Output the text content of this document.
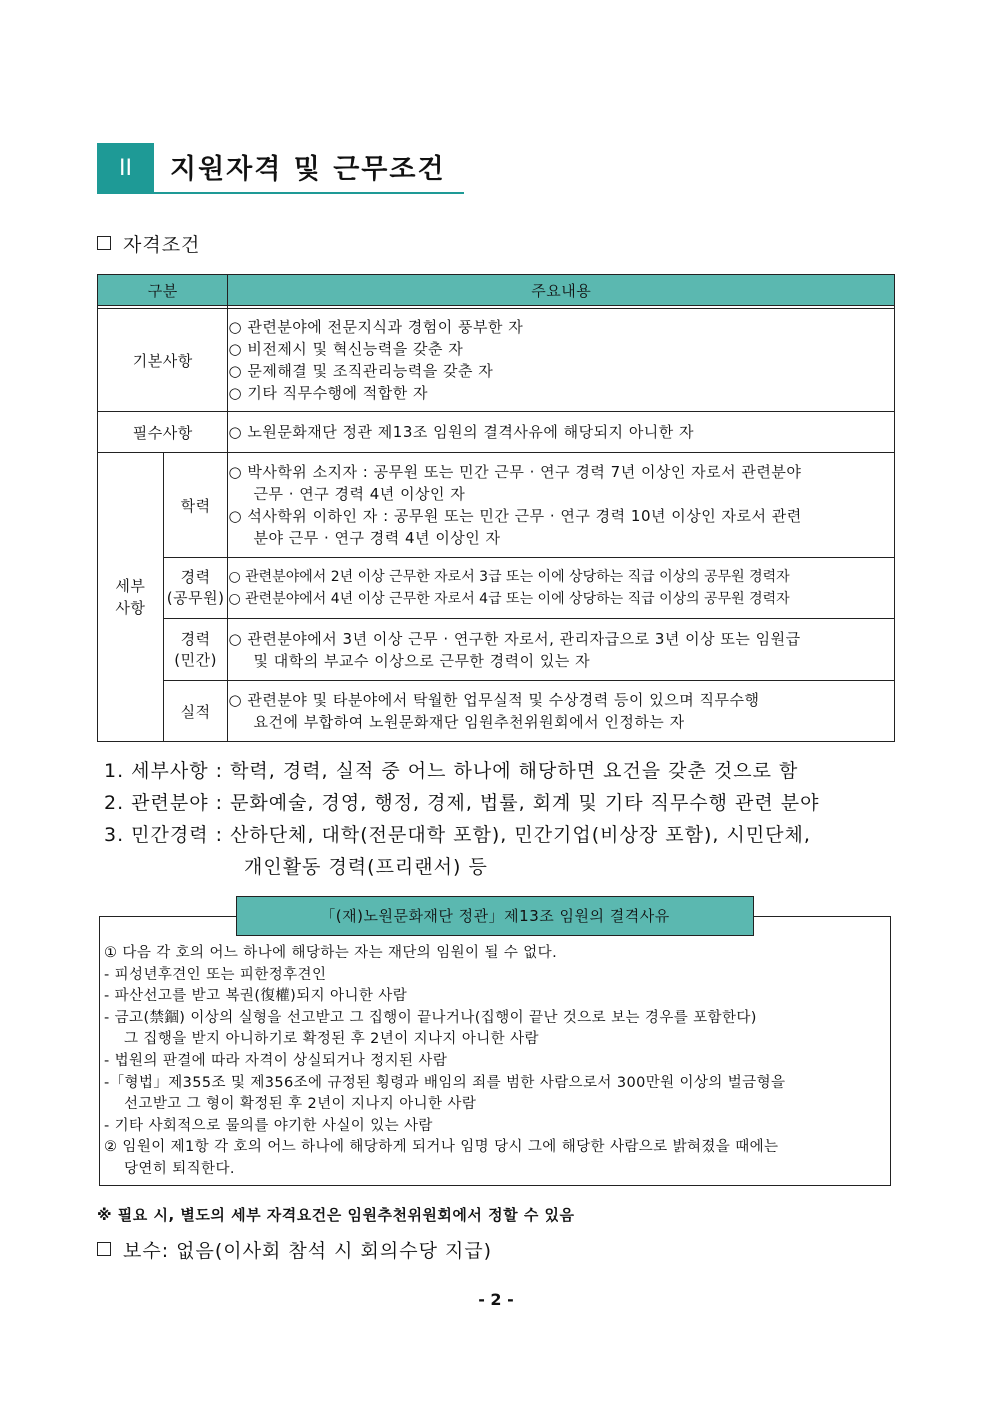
II	지원자격 및 근무조건
자격조건
구분		주요내용

기본사항		○ 관련분야에 전문지식과 경험이 풍부한 자
○ 비전제시 및 혁신능력을 갖춘 자
○ 문제해결 및 조직관리능력을 갖춘 자
○ 기타 직무수행에 적합한 자

필수사항		○ 노원문화재단 정관 제13조 임원의 결격사유에 해당되지 아니한 자

세부
사항	학력	○ 박사학위 소지자 : 공무원 또는 민간 근무 · 연구 경력 7년 이상인 자로서 관련분야
근무 · 연구 경력 4년 이상인 자
○ 석사학위 이하인 자 : 공무원 또는 민간 근무 · 연구 경력 10년 이상인 자로서 관련
분야 근무 · 연구 경력 4년 이상인 자

	경력
(공무원)	○ 관련분야에서 2년 이상 근무한 자로서 3급 또는 이에 상당하는 직급 이상의 공무원 경력자
○ 관련분야에서 4년 이상 근무한 자로서 4급 또는 이에 상당하는 직급 이상의 공무원 경력자

	경력
(민간)	○ 관련분야에서 3년 이상 근무 · 연구한 자로서, 관리자급으로 3년 이상 또는 임원급
및 대학의 부교수 이상으로 근무한 경력이 있는 자

	실적	○ 관련분야 및 타분야에서 탁월한 업무실적 및 수상경력 등이 있으며 직무수행
요건에 부합하여 노원문화재단 임원추천위원회에서 인정하는 자
1. 세부사항 : 학력, 경력, 실적 중 어느 하나에 해당하면 요건을 갖춘 것으로 함
2. 관련분야 : 문화예술, 경영, 행정, 경제, 법률, 회계 및 기타 직무수행 관련 분야
3. 민간경력 : 산하단체, 대학(전문대학 포함), 민간기업(비상장 포함), 시민단체,
개인활동 경력(프리랜서) 등
「(재)노원문화재단 정관」제13조 임원의 결격사유
① 다음 각 호의 어느 하나에 해당하는 자는 재단의 임원이 될 수 없다.
- 피성년후견인 또는 피한정후견인
- 파산선고를 받고 복권(復權)되지 아니한 사람
- 금고(禁錮) 이상의 실형을 선고받고 그 집행이 끝나거나(집행이 끝난 것으로 보는 경우를 포함한다)
그 집행을 받지 아니하기로 확정된 후 2년이 지나지 아니한 사람
- 법원의 판결에 따라 자격이 상실되거나 정지된 사람
-「형법」제355조 및 제356조에 규정된 횡령과 배임의 죄를 범한 사람으로서 300만원 이상의 벌금형을
선고받고 그 형이 확정된 후 2년이 지나지 아니한 사람
- 기타 사회적으로 물의를 야기한 사실이 있는 사람
② 임원이 제1항 각 호의 어느 하나에 해당하게 되거나 임명 당시 그에 해당한 사람으로 밝혀졌을 때에는
당연히 퇴직한다.
※ 필요 시, 별도의 세부 자격요건은 임원추천위원회에서 정할 수 있음
보수: 없음(이사회 참석 시 회의수당 지급)
- 2 -
